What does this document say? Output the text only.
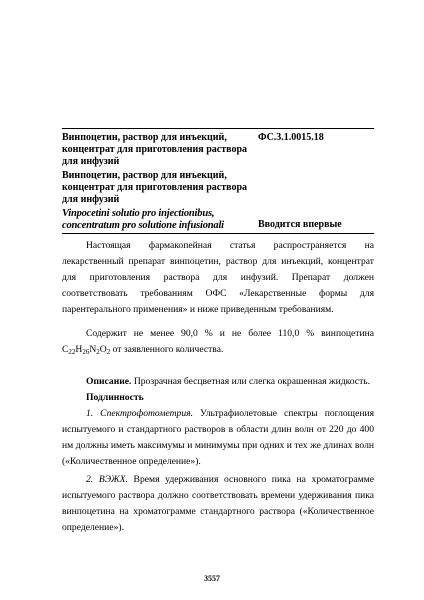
Винпоцетин, раствор для инъекций, концентрат для приготовления раствора для инфузий
ФС.3.1.0015.18
Винпоцетин, раствор для инъекций, концентрат для приготовления раствора для инфузий
Vinpocetini solutio pro injectionibus, concentratum pro solutione infusionali	Вводится впервые
Настоящая фармакопейная статья распространяется на лекарственный препарат винпоцетин, раствор для инъекций, концентрат для приготовления раствора для инфузий. Препарат должен соответствовать требованиям ОФС «Лекарственные формы для парентерального применения» и ниже приведенным требованиям.
Содержит не менее 90,0 % и не более 110,0 % винпоцетина $C_{22}H_{26}N_2O_2$ от заявленного количества.
Описание. Прозрачная бесцветная или слегка окрашенная жидкость.
Подлинность
1. Спектрофотометрия. Ультрафиолетовые спектры поглощения испытуемого и стандартного растворов в области длин волн от 220 до 400 нм должны иметь максимумы и минимумы при одних и тех же длинах волн («Количественное определение»).
2. ВЭЖХ. Время удерживания основного пика на хроматограмме испытуемого раствора должно соответствовать времени удерживания пика винпоцетина на хроматограмме стандартного раствора («Количественное определение»).
3557
